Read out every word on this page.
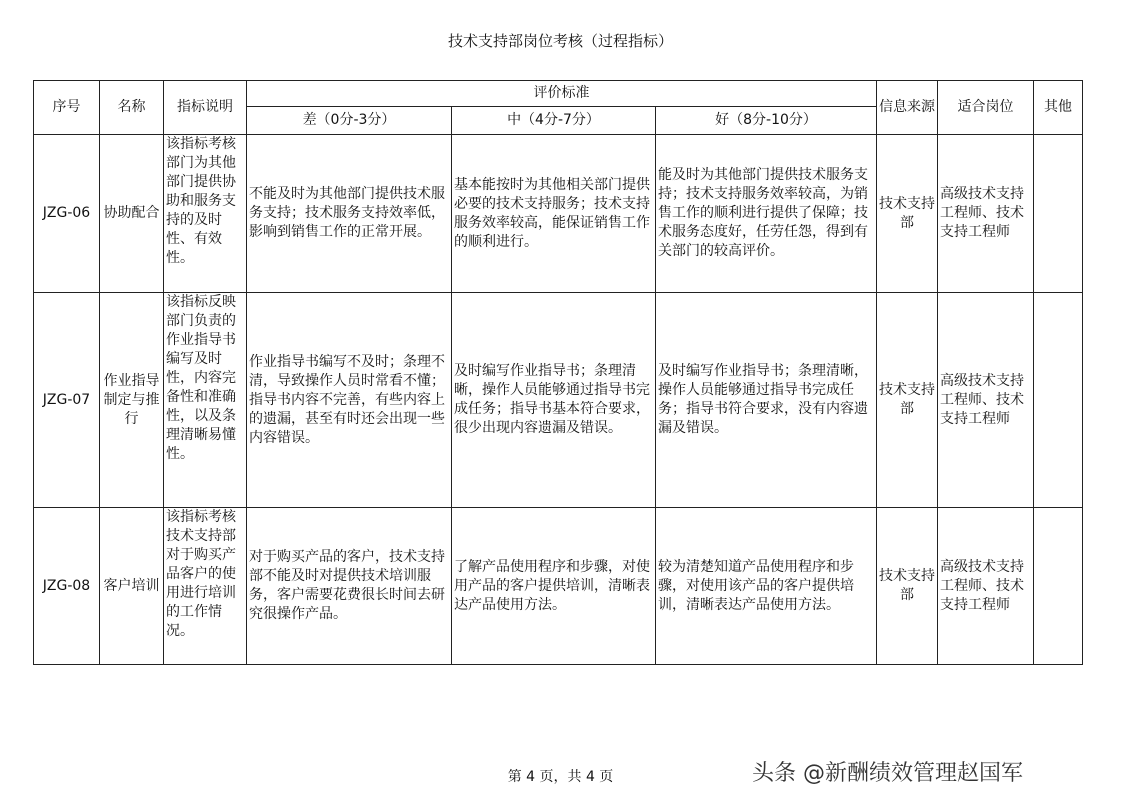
技术支持部岗位考核（过程指标）
序号	名称	指标说明	评价标准			信息来源	适合岗位	其他
			差（0分-3分）	中（4分-7分）	好（8分-10分）			
JZG-06	协助配合	该指标考核部门为其他部门提供协助和服务支持的及时性、有效性。	不能及时为其他部门提供技术服务支持；技术服务支持效率低，影响到销售工作的正常开展。	基本能按时为其他相关部门提供必要的技术支持服务；技术支持服务效率较高，能保证销售工作的顺利进行。	能及时为其他部门提供技术服务支持；技术支持服务效率较高，为销售工作的顺利进行提供了保障；技术服务态度好，任劳任怨，得到有关部门的较高评价。	技术支持部	高级技术支持工程师、技术支持工程师	
JZG-07	作业指导制定与推行	该指标反映部门负责的作业指导书编写及时性，内容完备性和准确性，以及条理清晰易懂性。	作业指导书编写不及时；条理不清，导致操作人员时常看不懂；指导书内容不完善，有些内容上的遗漏，甚至有时还会出现一些内容错误。	及时编写作业指导书；条理清晰，操作人员能够通过指导书完成任务；指导书基本符合要求，很少出现内容遗漏及错误。	及时编写作业指导书；条理清晰，操作人员能够通过指导书完成任务；指导书符合要求，没有内容遗漏及错误。	技术支持部	高级技术支持工程师、技术支持工程师	
JZG-08	客户培训	该指标考核技术支持部对于购买产品客户的使用进行培训的工作情况。	对于购买产品的客户，技术支持部不能及时对提供技术培训服务，客户需要花费很长时间去研究很操作产品。	了解产品使用程序和步骤，对使用产品的客户提供培训，清晰表达产品使用方法。	较为清楚知道产品使用程序和步骤，对使用该产品的客户提供培训，清晰表达产品使用方法。	技术支持部	高级技术支持工程师、技术支持工程师	
第 4 页，共 4 页	头条 @新酬绩效管理赵国军
